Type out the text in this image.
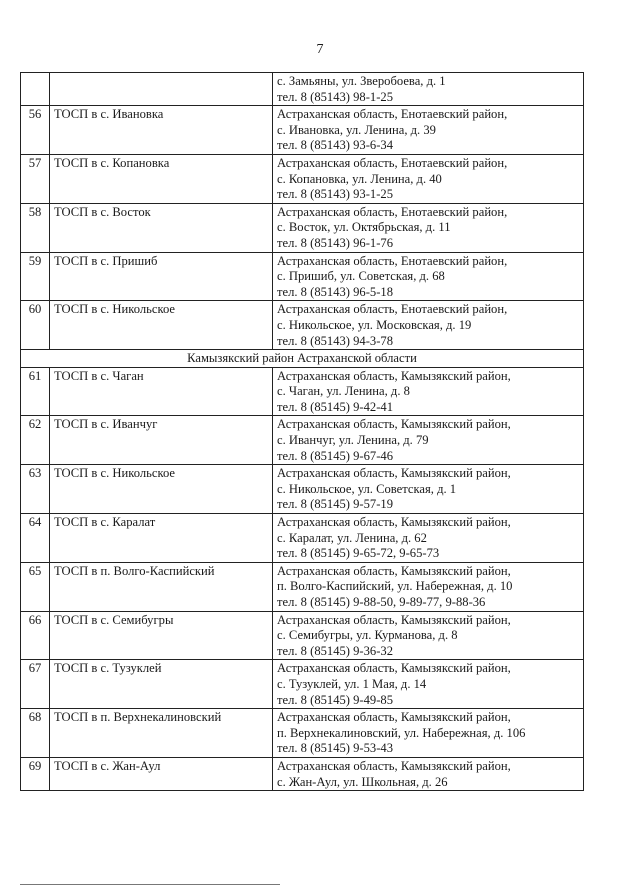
7

		с. Замьяны, ул. Зверобоева, д. 1
тел. 8 (85143) 98-1-25

56	ТОСП в с. Ивановка	Астраханская область, Енотаевский район,
с. Ивановка, ул. Ленина, д. 39
тел. 8 (85143) 93-6-34

57	ТОСП в с. Копановка	Астраханская область, Енотаевский район,
с. Копановка, ул. Ленина, д. 40
тел. 8 (85143) 93-1-25

58	ТОСП в с. Восток	Астраханская область, Енотаевский район,
с. Восток, ул. Октябрьская, д. 11
тел. 8 (85143) 96-1-76

59	ТОСП в с. Пришиб	Астраханская область, Енотаевский район,
с. Пришиб, ул. Советская, д. 68
тел. 8 (85143) 96-5-18

60	ТОСП в с. Никольское	Астраханская область, Енотаевский район,
с. Никольское, ул. Московская, д. 19
тел. 8 (85143) 94-3-78

Камызякский район Астраханской области		
61	ТОСП в с. Чаган	Астраханская область, Камызякский район,
с. Чаган, ул. Ленина, д. 8
тел. 8 (85145) 9-42-41

62	ТОСП в с. Иванчуг	Астраханская область, Камызякский район,
с. Иванчуг, ул. Ленина, д. 79
тел. 8 (85145) 9-67-46

63	ТОСП в с. Никольское	Астраханская область, Камызякский район,
с. Никольское, ул. Советская, д. 1
тел. 8 (85145) 9-57-19

64	ТОСП в с. Каралат	Астраханская область, Камызякский район,
с. Каралат, ул. Ленина, д. 62
тел. 8 (85145) 9-65-72, 9-65-73

65	ТОСП в п. Волго-Каспийский	Астраханская область, Камызякский район,
п. Волго-Каспийский, ул. Набережная, д. 10
тел. 8 (85145) 9-88-50, 9-89-77, 9-88-36

66	ТОСП в с. Семибугры	Астраханская область, Камызякский район,
с. Семибугры, ул. Курманова, д. 8
тел. 8 (85145) 9-36-32

67	ТОСП в с. Тузуклей	Астраханская область, Камызякский район,
с. Тузуклей, ул. 1 Мая, д. 14
тел. 8 (85145) 9-49-85

68	ТОСП в п. Верхнекалиновский	Астраханская область, Камызякский район,
п. Верхнекалиновский, ул. Набережная, д. 106
тел. 8 (85145) 9-53-43

69	ТОСП в с. Жан-Аул	Астраханская область, Камызякский район,
с. Жан-Аул, ул. Школьная, д. 26
